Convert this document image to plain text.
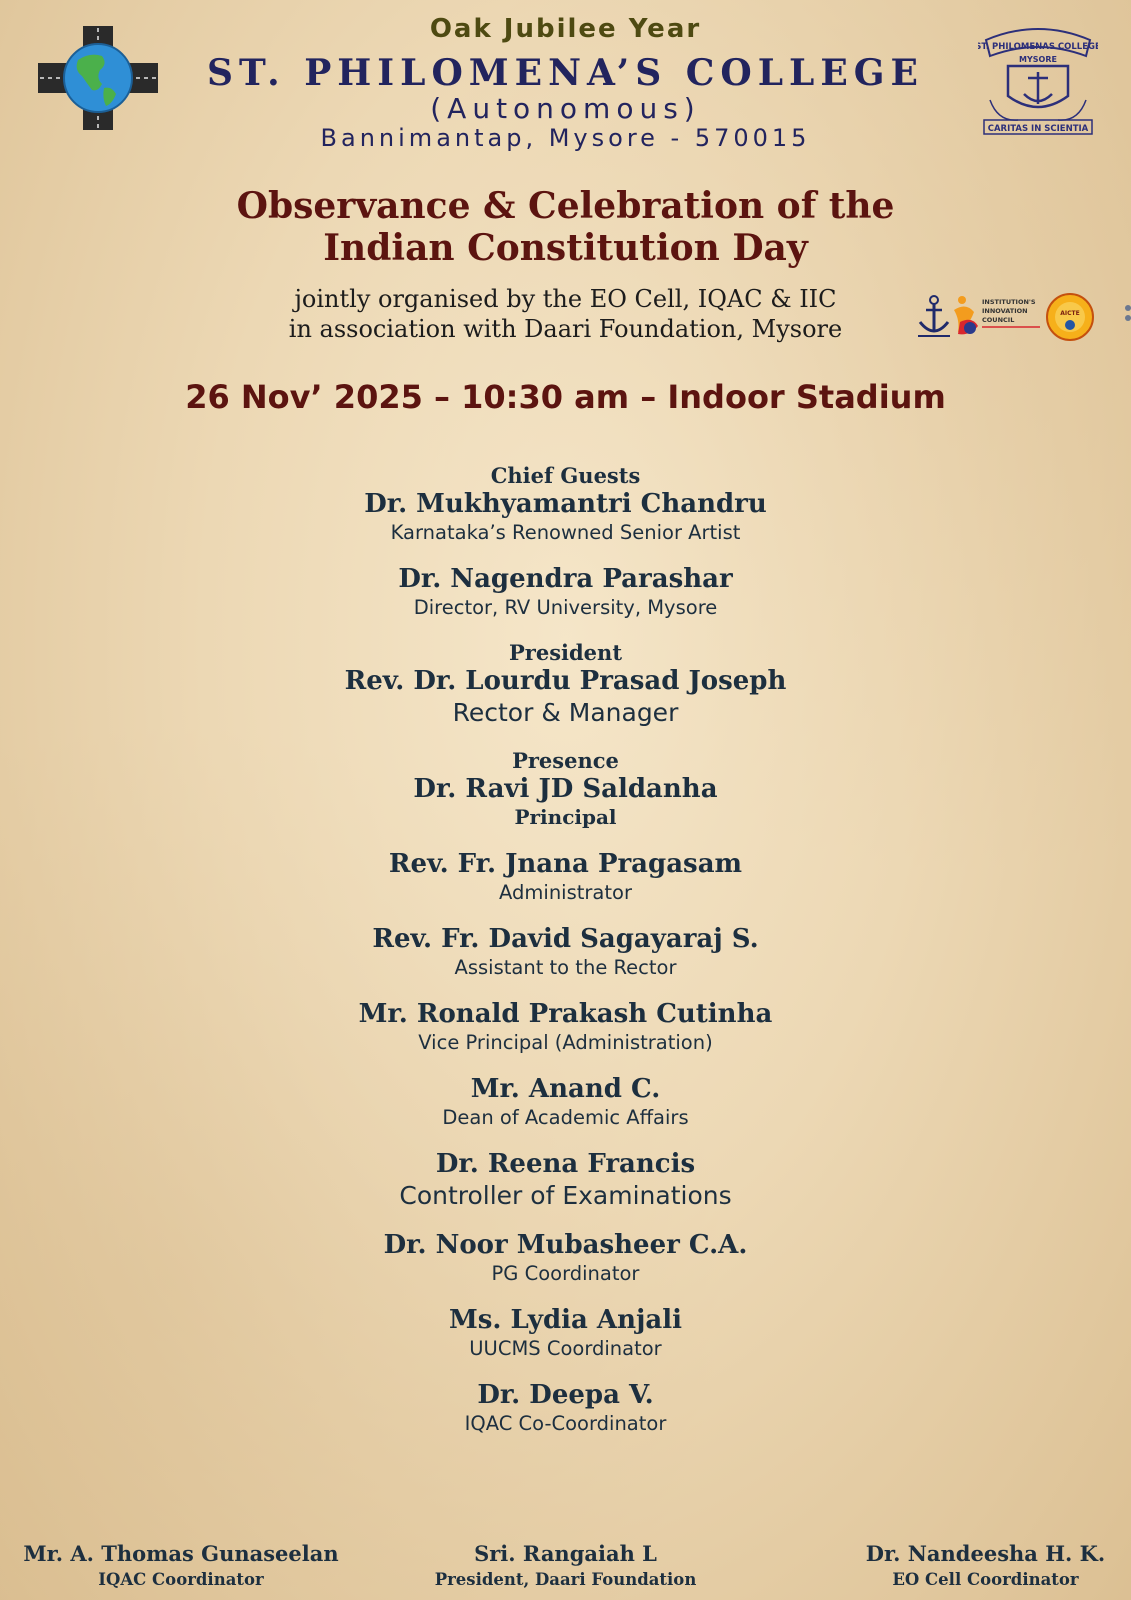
ST. PHILOMENAS COLLEGE
MYSORE
CARITAS IN SCIENTIA
Oak Jubilee Year
ST. PHILOMENA’S COLLEGE
(Autonomous)
Bannimantap, Mysore - 570015
Observance & Celebration of the
Indian Constitution Day
jointly organised by the EO Cell, IQAC & IIC
in association with Daari Foundation, Mysore
INSTITUTION'S
INNOVATION
COUNCIL
AICTE
26 Nov’ 2025 – 10:30 am – Indoor Stadium
Chief Guests
Dr. Mukhyamantri Chandru
Karnataka’s Renowned Senior Artist
Dr. Nagendra Parashar
Director, RV University, Mysore
President
Rev. Dr. Lourdu Prasad Joseph
Rector & Manager
Presence
Dr. Ravi JD Saldanha
Principal
Rev. Fr. Jnana Pragasam
Administrator
Rev. Fr. David Sagayaraj S.
Assistant to the Rector
Mr. Ronald Prakash Cutinha
Vice Principal (Administration)
Mr. Anand C.
Dean of Academic Affairs
Dr. Reena Francis
Controller of Examinations
Dr. Noor Mubasheer C.A.
PG Coordinator
Ms. Lydia Anjali
UUCMS Coordinator
Dr. Deepa V.
IQAC Co-Coordinator
Mr. A. Thomas Gunaseelan
IQAC Coordinator
Sri. Rangaiah L
President, Daari Foundation
Dr. Nandeesha H. K.
EO Cell Coordinator
